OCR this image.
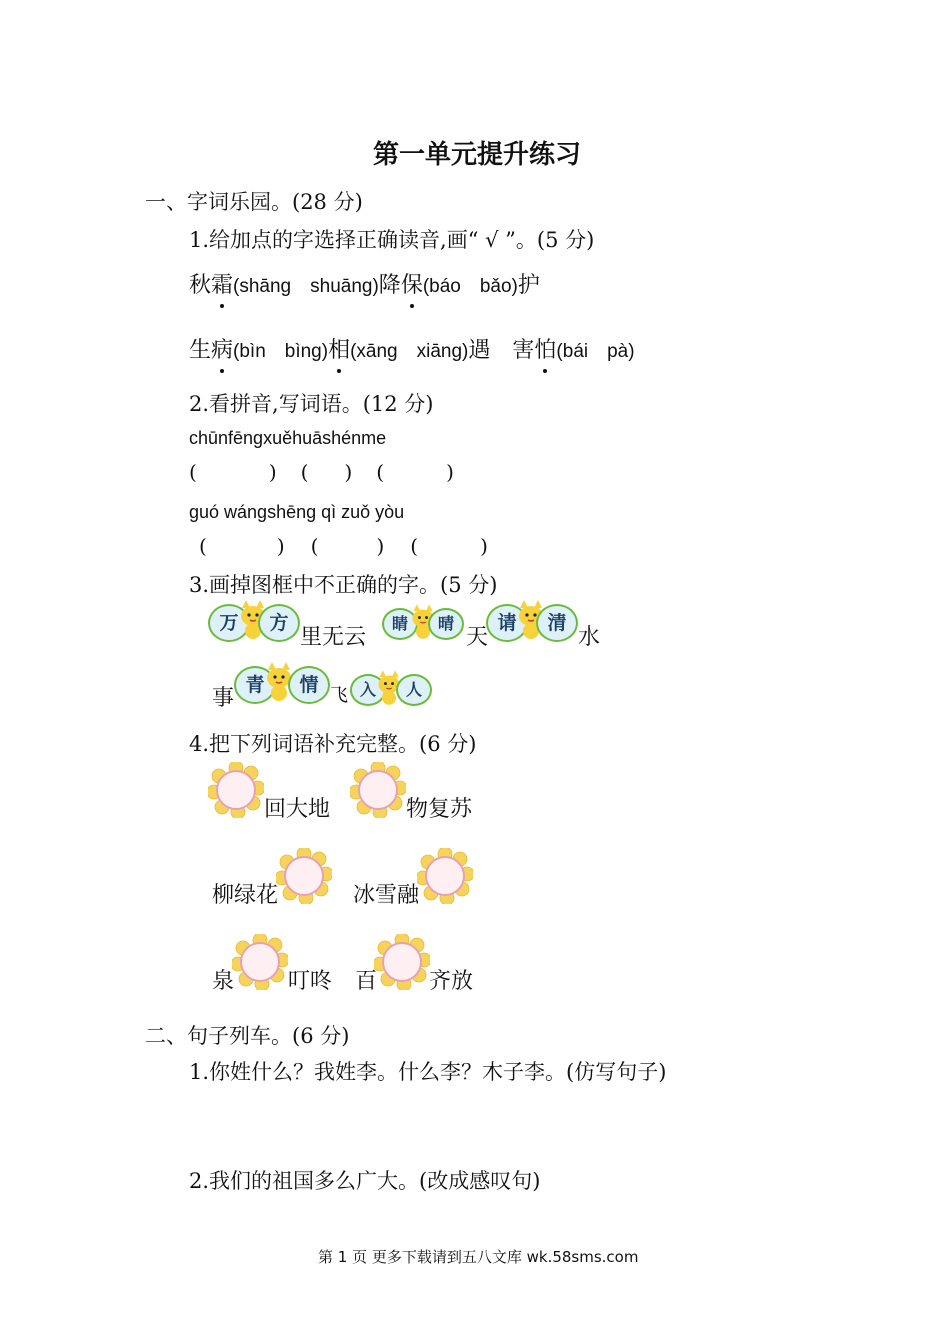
第一单元提升练习
一、字词乐园。(28 分)
1.给加点的字选择正确读音,画“ √ ”。(5 分)
秋霜(shāng　shuāng)降保(báo　bǎo)护
生病(bìn　bìng)相(xāng　xiāng)遇 害怕(bái　pà)
2.看拼音,写词语。(12 分)
chūnfēngxuěhuāshénme
(	) ( ) (	)
guó wángshēng qì zuǒ yòu
(	) (	) (	)
3.画掉图框中不正确的字。(5 分)
万	方
里无云
睛	晴
天
请	清
水
事
青	情 飞 入	人
4.把下列词语补充完整。(6 分)
回大地	物复苏
柳绿花	冰雪融
泉 叮咚 百 齐放
二、句子列车。(6 分)
1.你姓什么？我姓李。什么李？木子李。(仿写句子)
2.我们的祖国多么广大。(改成感叹句)
第 1 页 更多下载请到五八文库 wk.58sms.com
